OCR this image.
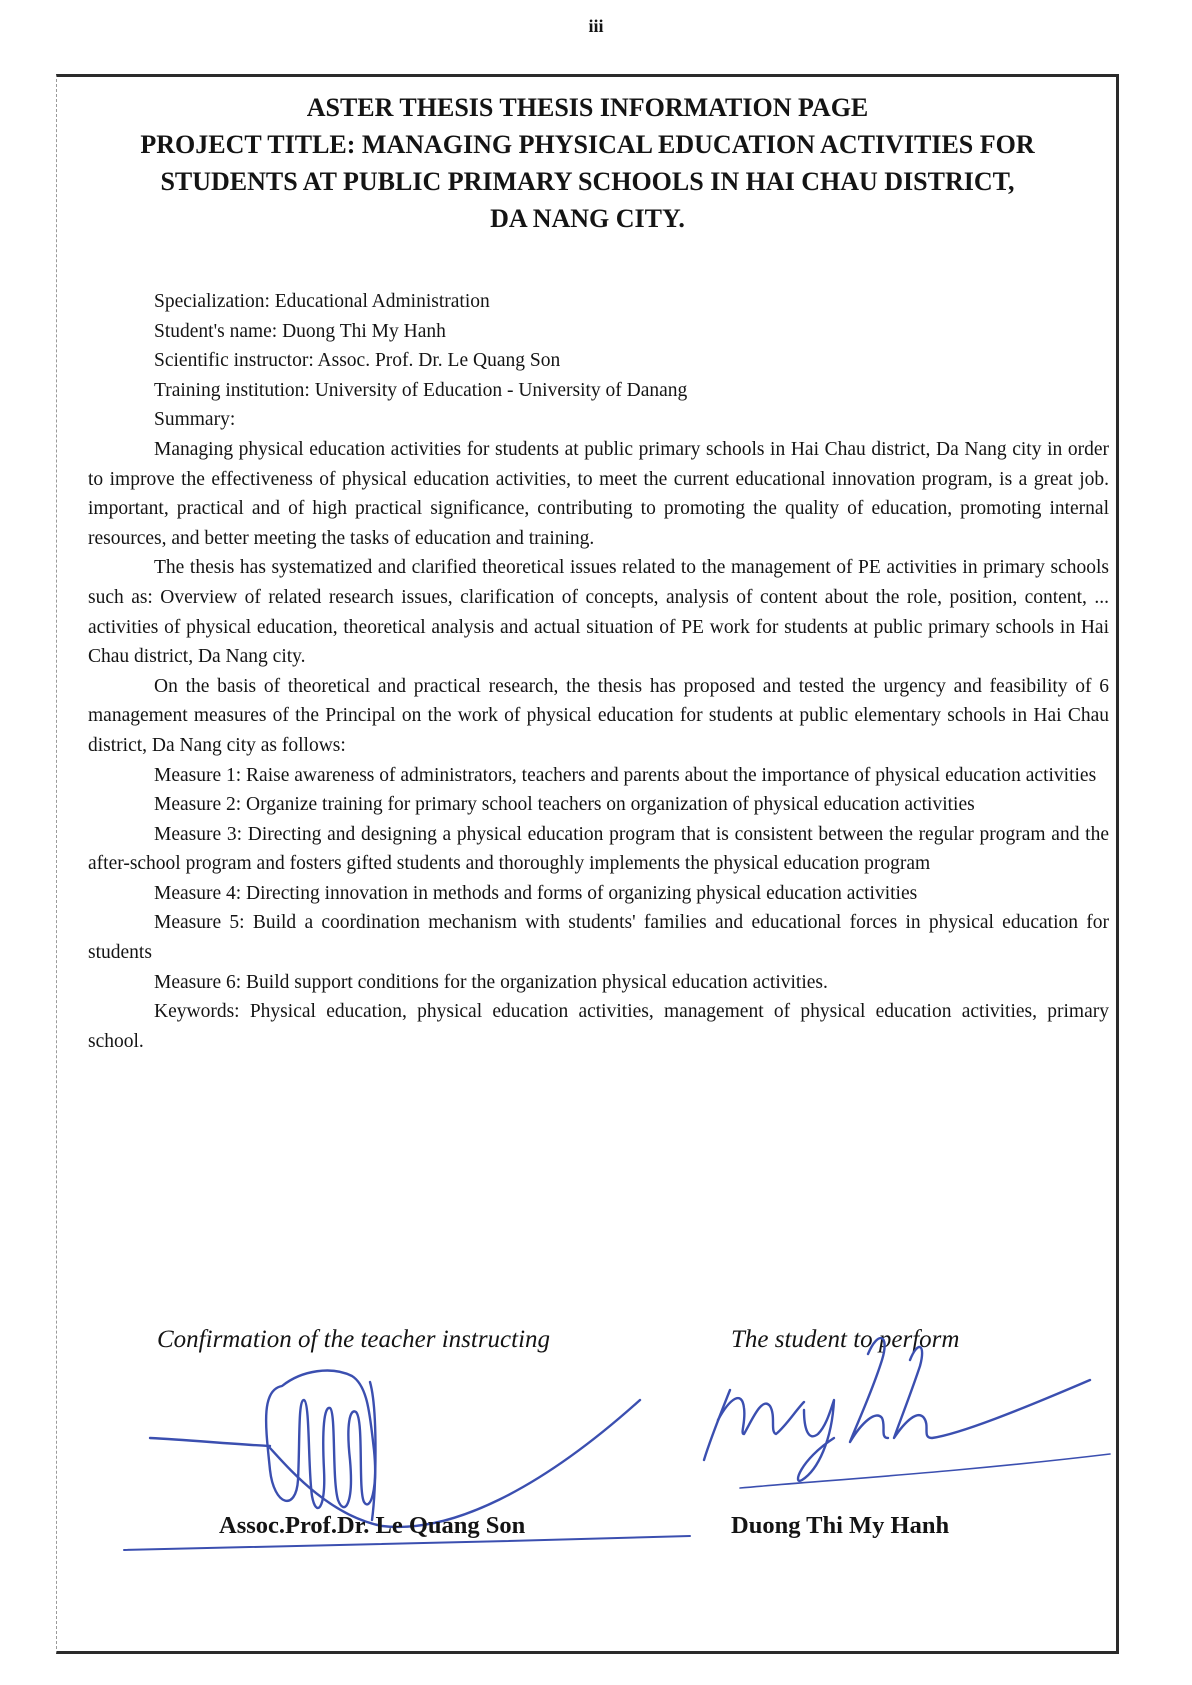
iii
ASTER THESIS THESIS INFORMATION PAGE
PROJECT TITLE: MANAGING PHYSICAL EDUCATION ACTIVITIES FOR
STUDENTS AT PUBLIC PRIMARY SCHOOLS IN HAI CHAU DISTRICT,
DA NANG CITY.
Specialization: Educational Administration
Student's name: Duong Thi My Hanh
Scientific instructor: Assoc. Prof. Dr. Le Quang Son
Training institution: University of Education - University of Danang
Summary:

Managing physical education activities for students at public primary schools in Hai Chau district, Da Nang city in order to improve the effectiveness of physical education activities, to meet the current educational innovation program, is a great job. important, practical and of high practical significance, contributing to promoting the quality of education, promoting internal resources, and better meeting the tasks of education and training.

The thesis has systematized and clarified theoretical issues related to the management of PE activities in primary schools such as: Overview of related research issues, clarification of concepts, analysis of content about the role, position, content, ... activities of physical education, theoretical analysis and actual situation of PE work for students at public primary schools in Hai Chau district, Da Nang city.

On the basis of theoretical and practical research, the thesis has proposed and tested the urgency and feasibility of 6 management measures of the Principal on the work of physical education for students at public elementary schools in Hai Chau district, Da Nang city as follows:

Measure 1: Raise awareness of administrators, teachers and parents about the importance of physical education activities

Measure 2: Organize training for primary school teachers on organization of physical education activities

Measure 3: Directing and designing a physical education program that is consistent between the regular program and the after-school program and fosters gifted students and thoroughly implements the physical education program

Measure 4: Directing innovation in methods and forms of organizing physical education activities

Measure 5: Build a coordination mechanism with students' families and educational forces in physical education for students

Measure 6: Build support conditions for the organization physical education activities.

Keywords: Physical education, physical education activities, management of physical education activities, primary school.

Confirmation of the teacher instructing	The student to perform
Assoc.Prof.Dr. Le Quang Son	Duong Thi My Hanh
